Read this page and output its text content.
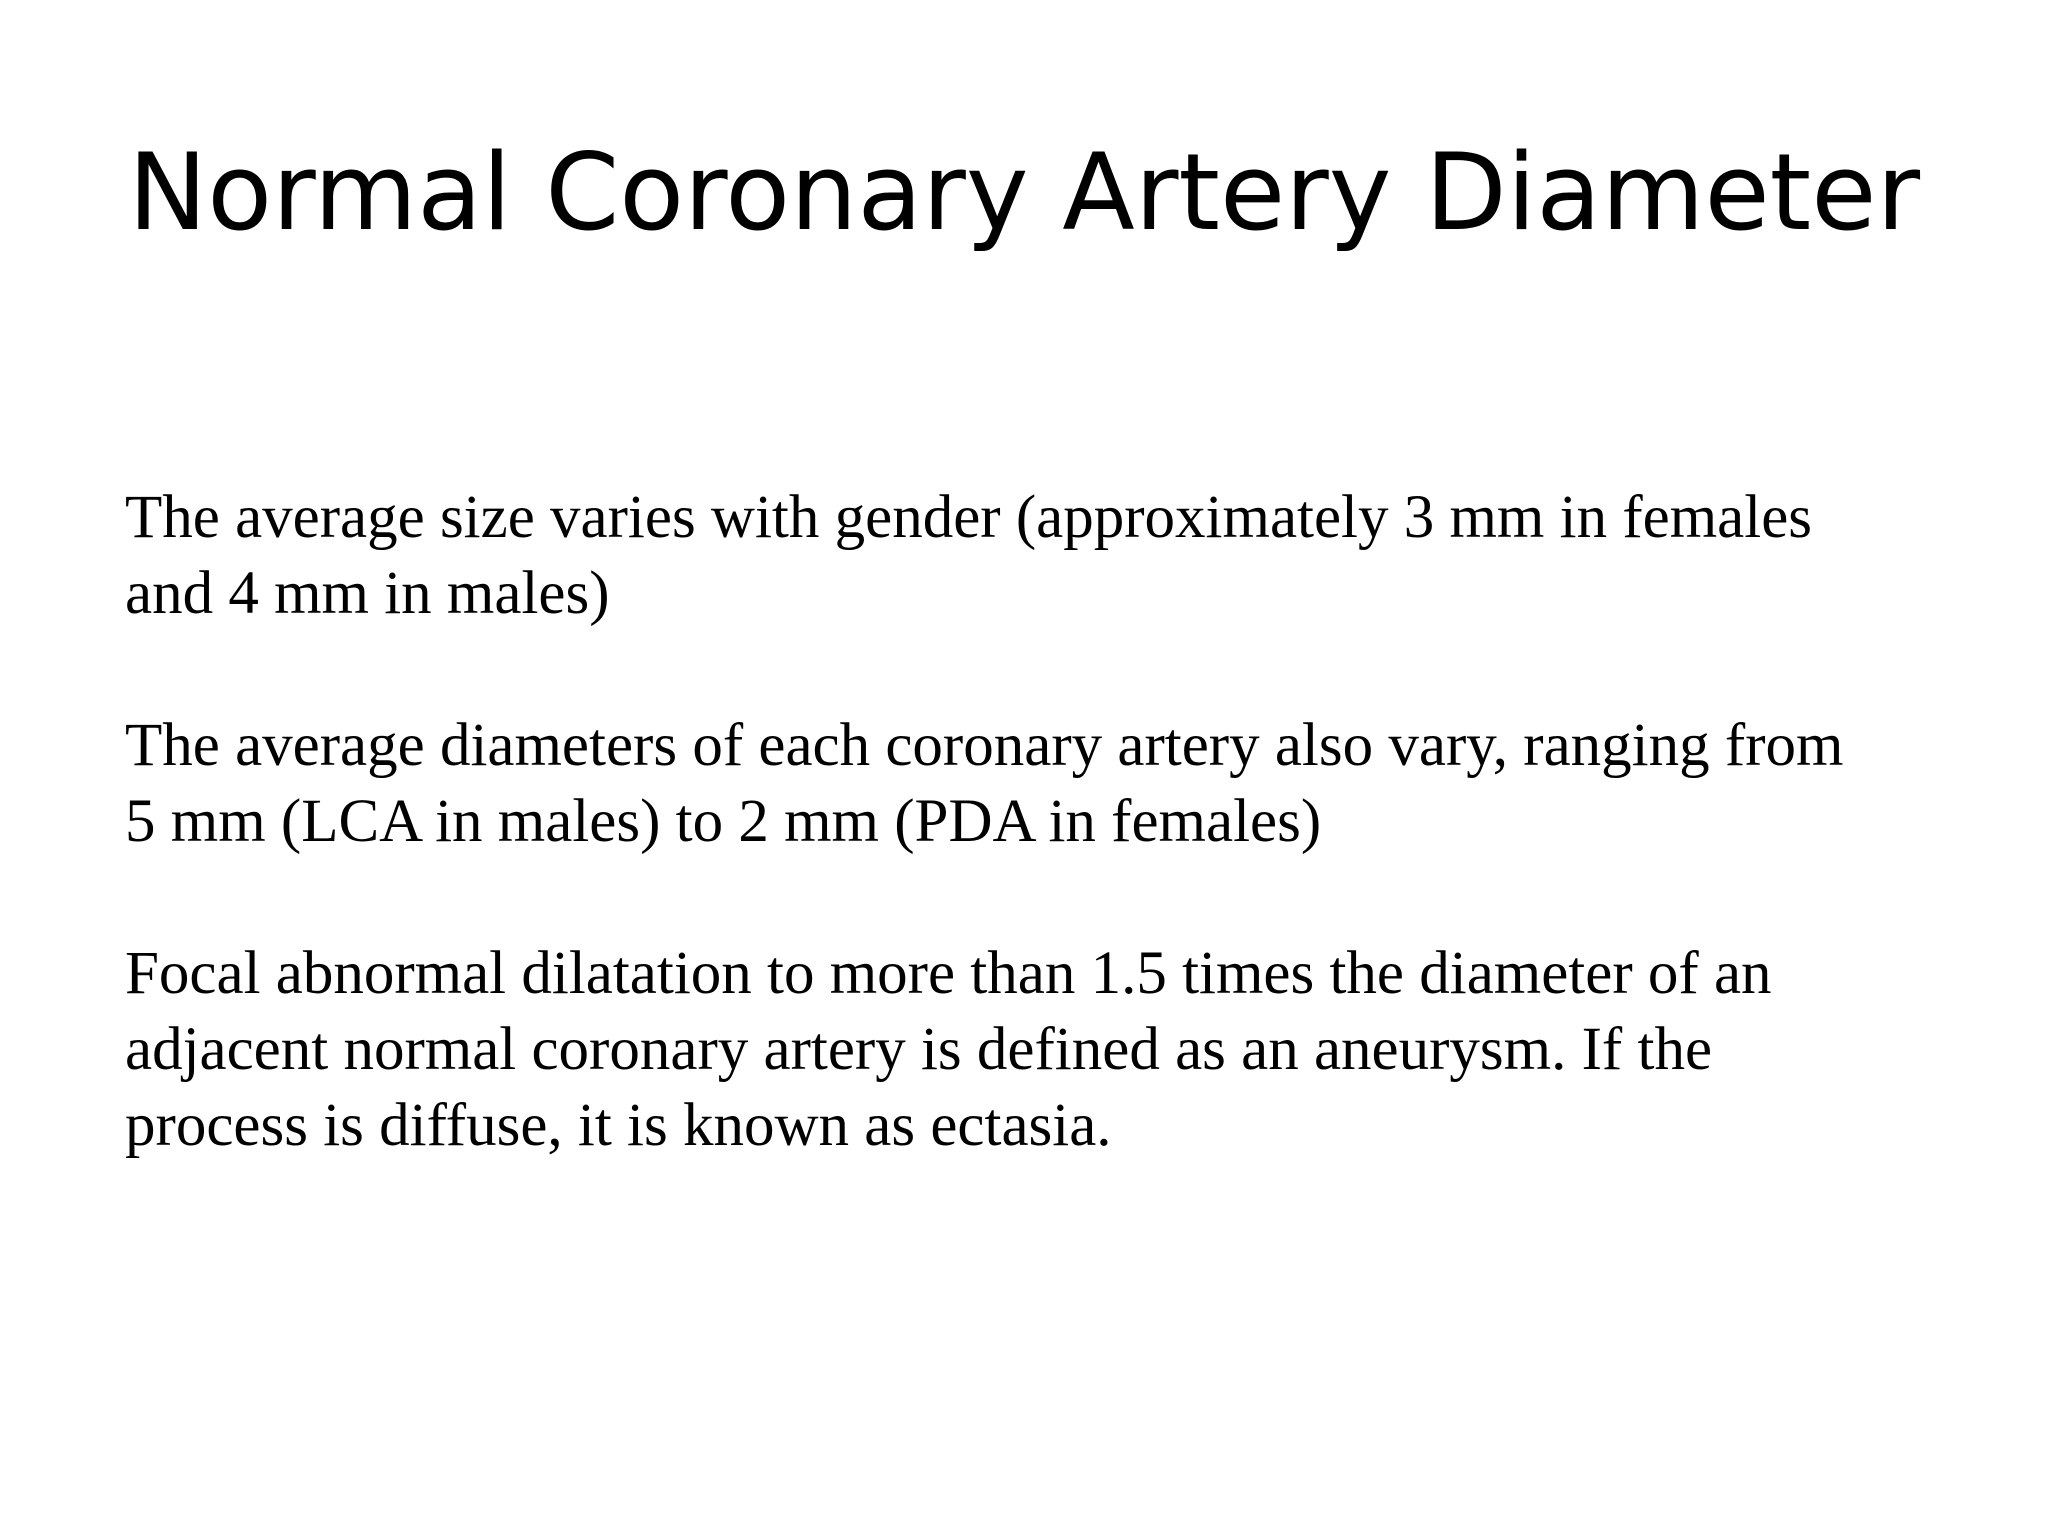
Normal Coronary Artery Diameter

The average size varies with gender (approximately 3 mm in females
and 4 mm in males)

The average diameters of each coronary artery also vary, ranging from
5 mm (LCA in males) to 2 mm (PDA in females)

Focal abnormal dilatation to more than 1.5 times the diameter of an
adjacent normal coronary artery is defined as an aneurysm. If the
process is diffuse, it is known as ectasia.
